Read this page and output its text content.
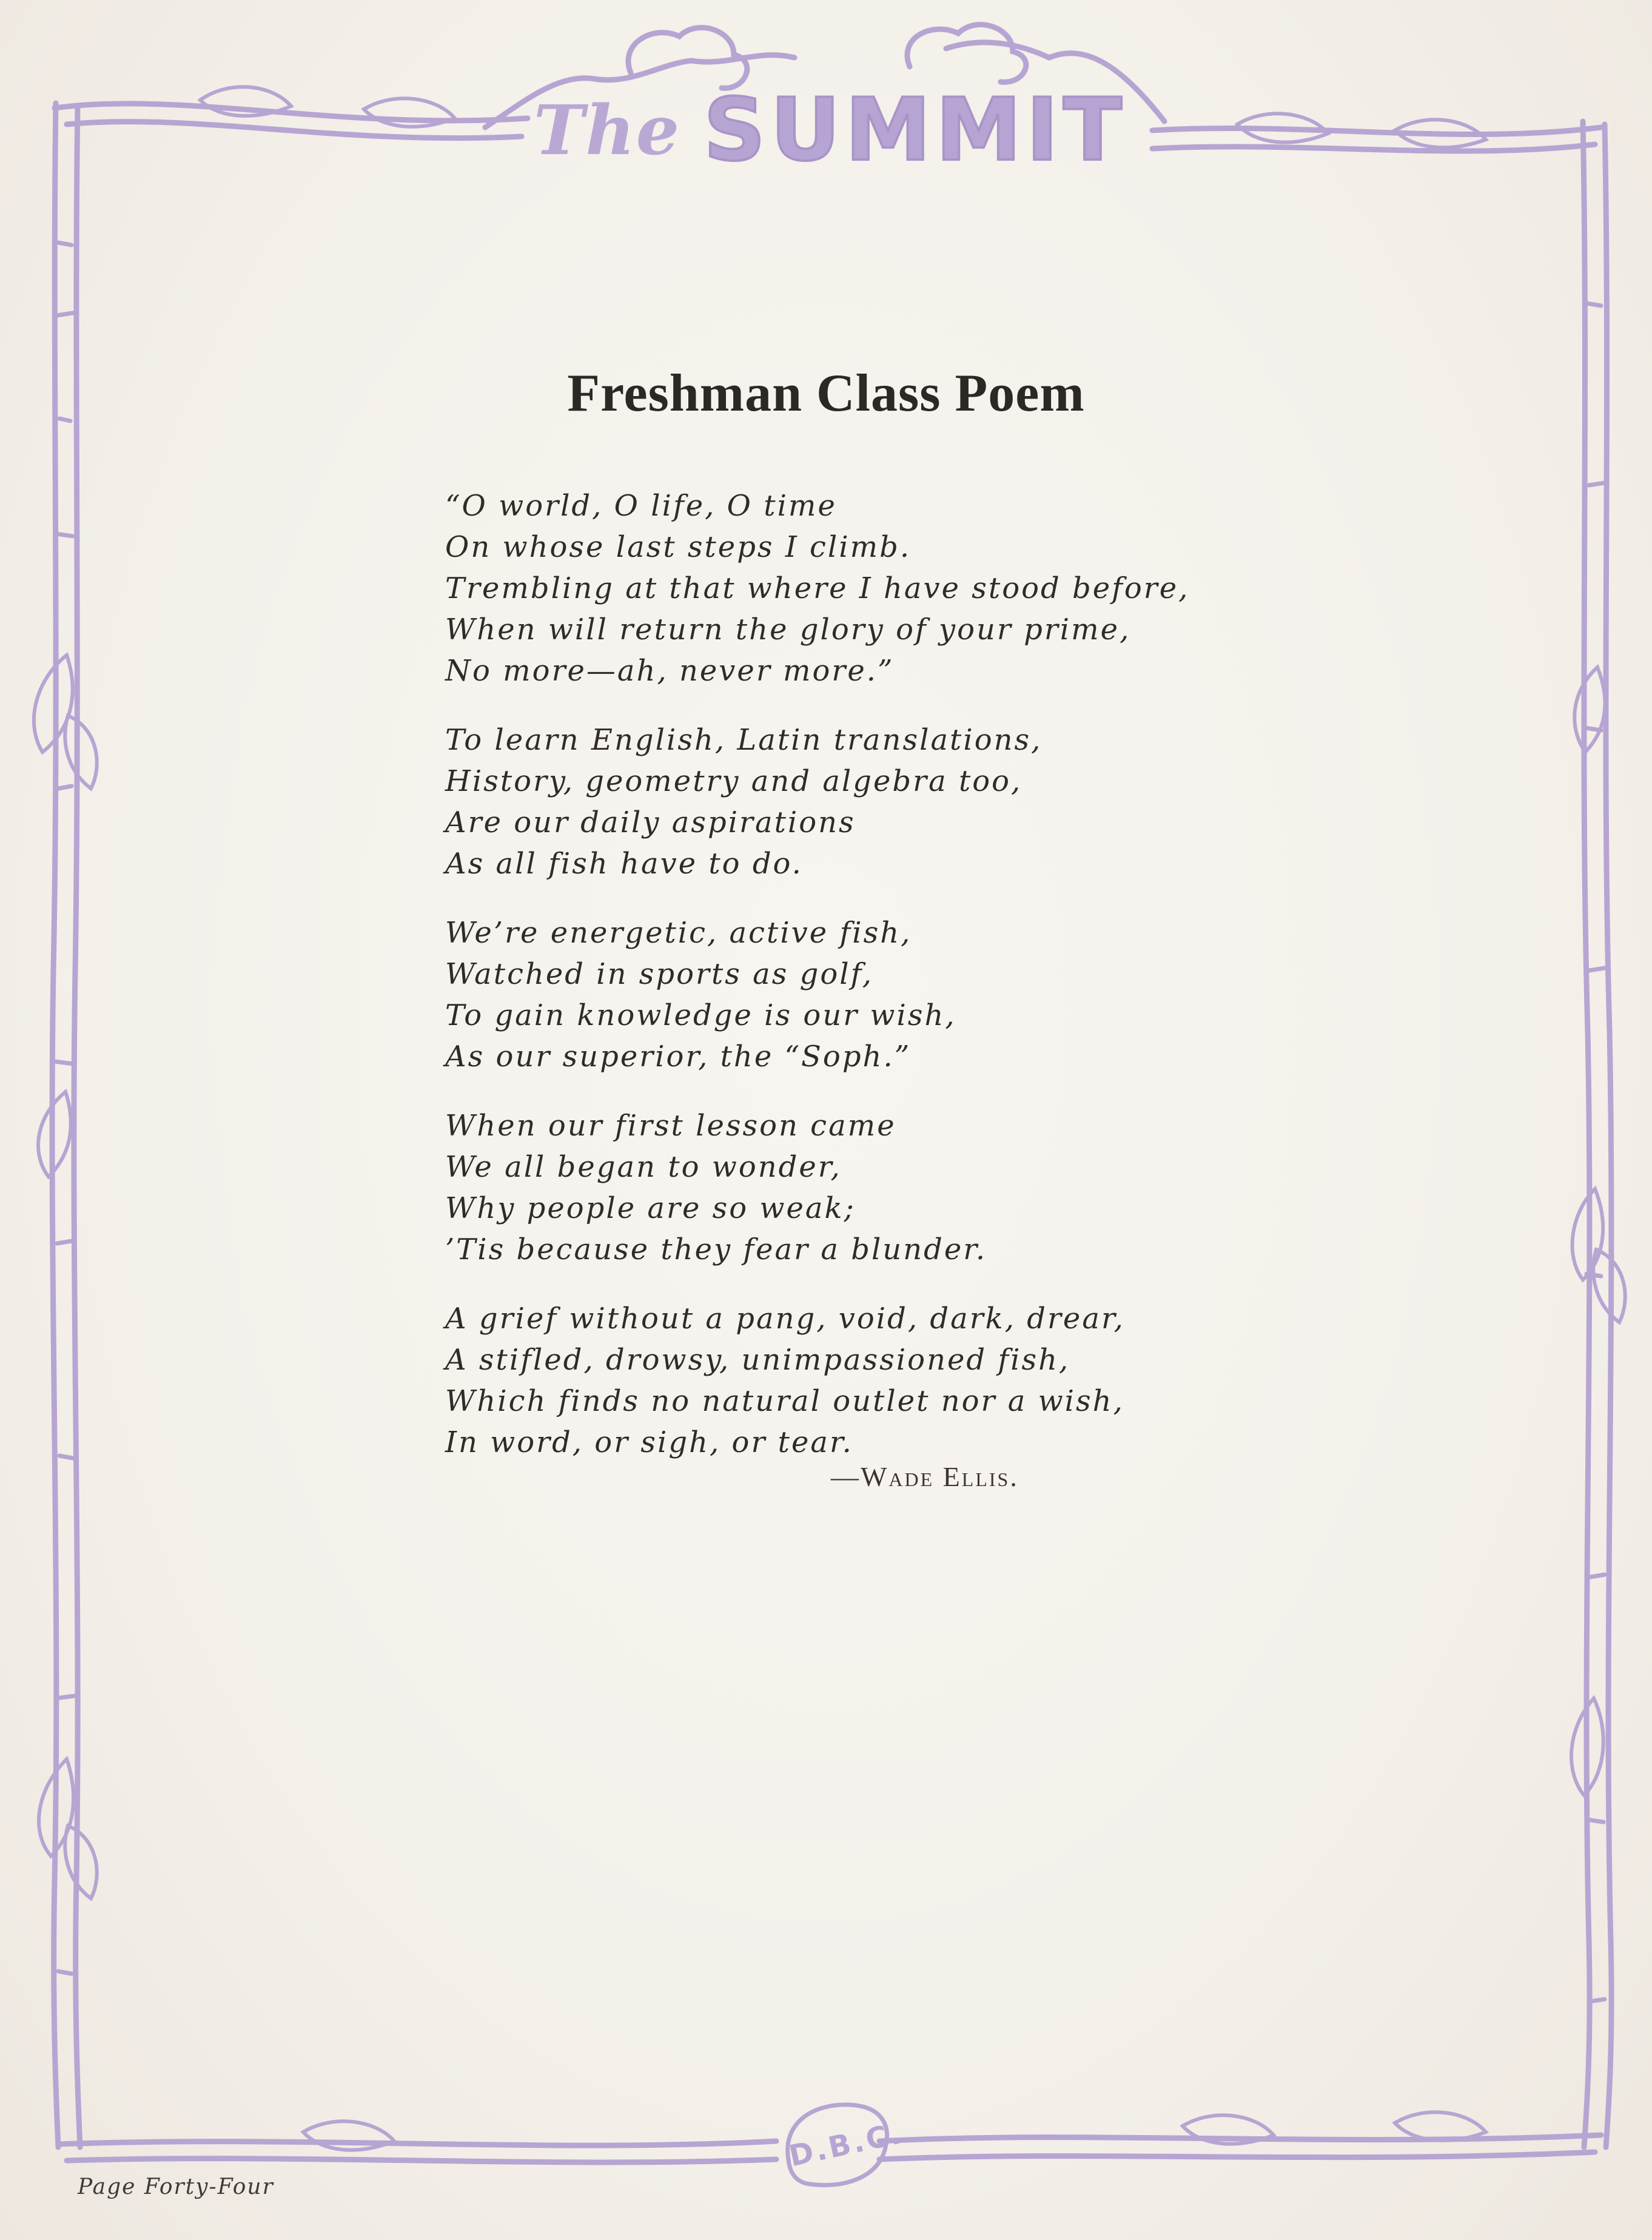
The SUMMIT
Freshman Class Poem
“O world, O life, O time
On whose last steps I climb.
Trembling at that where I have stood before,
When will return the glory of your prime,
No more—ah, never more.”
To learn English, Latin translations,
History, geometry and algebra too,
Are our daily aspirations
As all fish have to do.
We’re energetic, active fish,
Watched in sports as golf,
To gain knowledge is our wish,
As our superior, the “Soph.”
When our first lesson came
We all began to wonder,
Why people are so weak;
’Tis because they fear a blunder.
A grief without a pang, void, dark, drear,
A stifled, drowsy, unimpassioned fish,
Which finds no natural outlet nor a wish,
In word, or sigh, or tear.
—Wade Ellis.
D.B.C.
Page Forty-Four
